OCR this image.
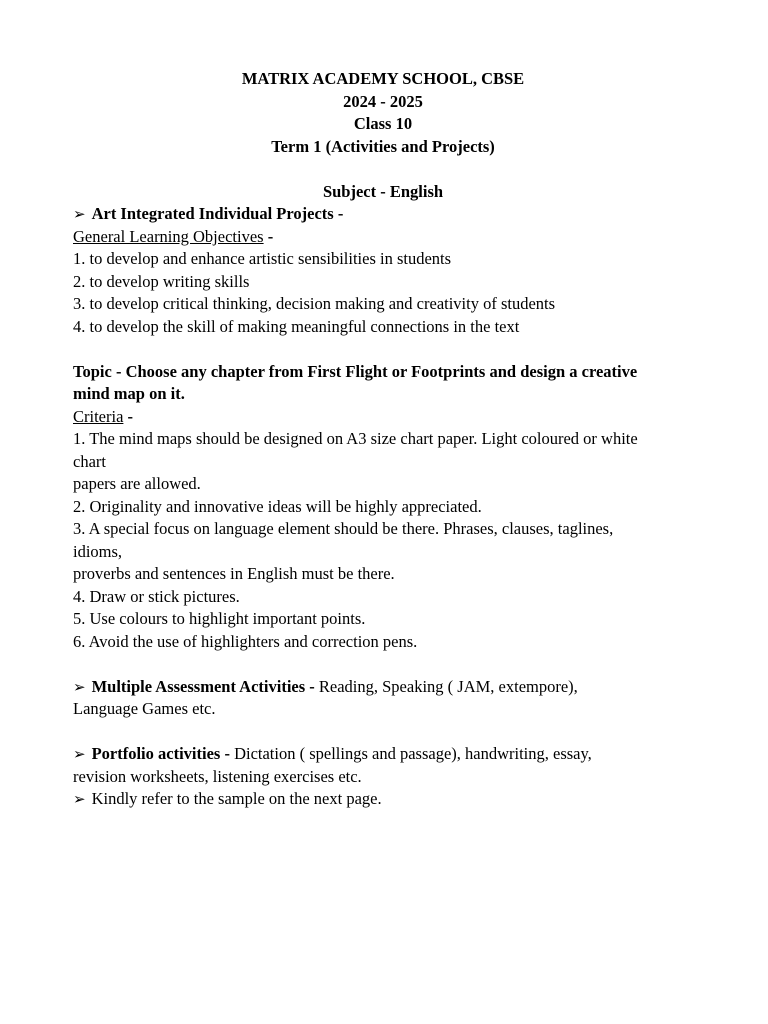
MATRIX ACADEMY SCHOOL, CBSE
2024 - 2025
Class 10
Term 1 (Activities and Projects)
Subject - English
➢ Art Integrated Individual Projects -
General Learning Objectives -
1. to develop and enhance artistic sensibilities in students
2. to develop writing skills
3. to develop critical thinking, decision making and creativity of students
4. to develop the skill of making meaningful connections in the text
Topic - Choose any chapter from First Flight or Footprints and design a creative
mind map on it.
Criteria -
1. The mind maps should be designed on A3 size chart paper. Light coloured or white
chart
papers are allowed.
2. Originality and innovative ideas will be highly appreciated.
3. A special focus on language element should be there. Phrases, clauses, taglines,
idioms,
proverbs and sentences in English must be there.
4. Draw or stick pictures.
5. Use colours to highlight important points.
6. Avoid the use of highlighters and correction pens.
➢ Multiple Assessment Activities - Reading, Speaking ( JAM, extempore),
Language Games etc.
➢ Portfolio activities - Dictation ( spellings and passage), handwriting, essay,
revision worksheets, listening exercises etc.
➢ Kindly refer to the sample on the next page.
